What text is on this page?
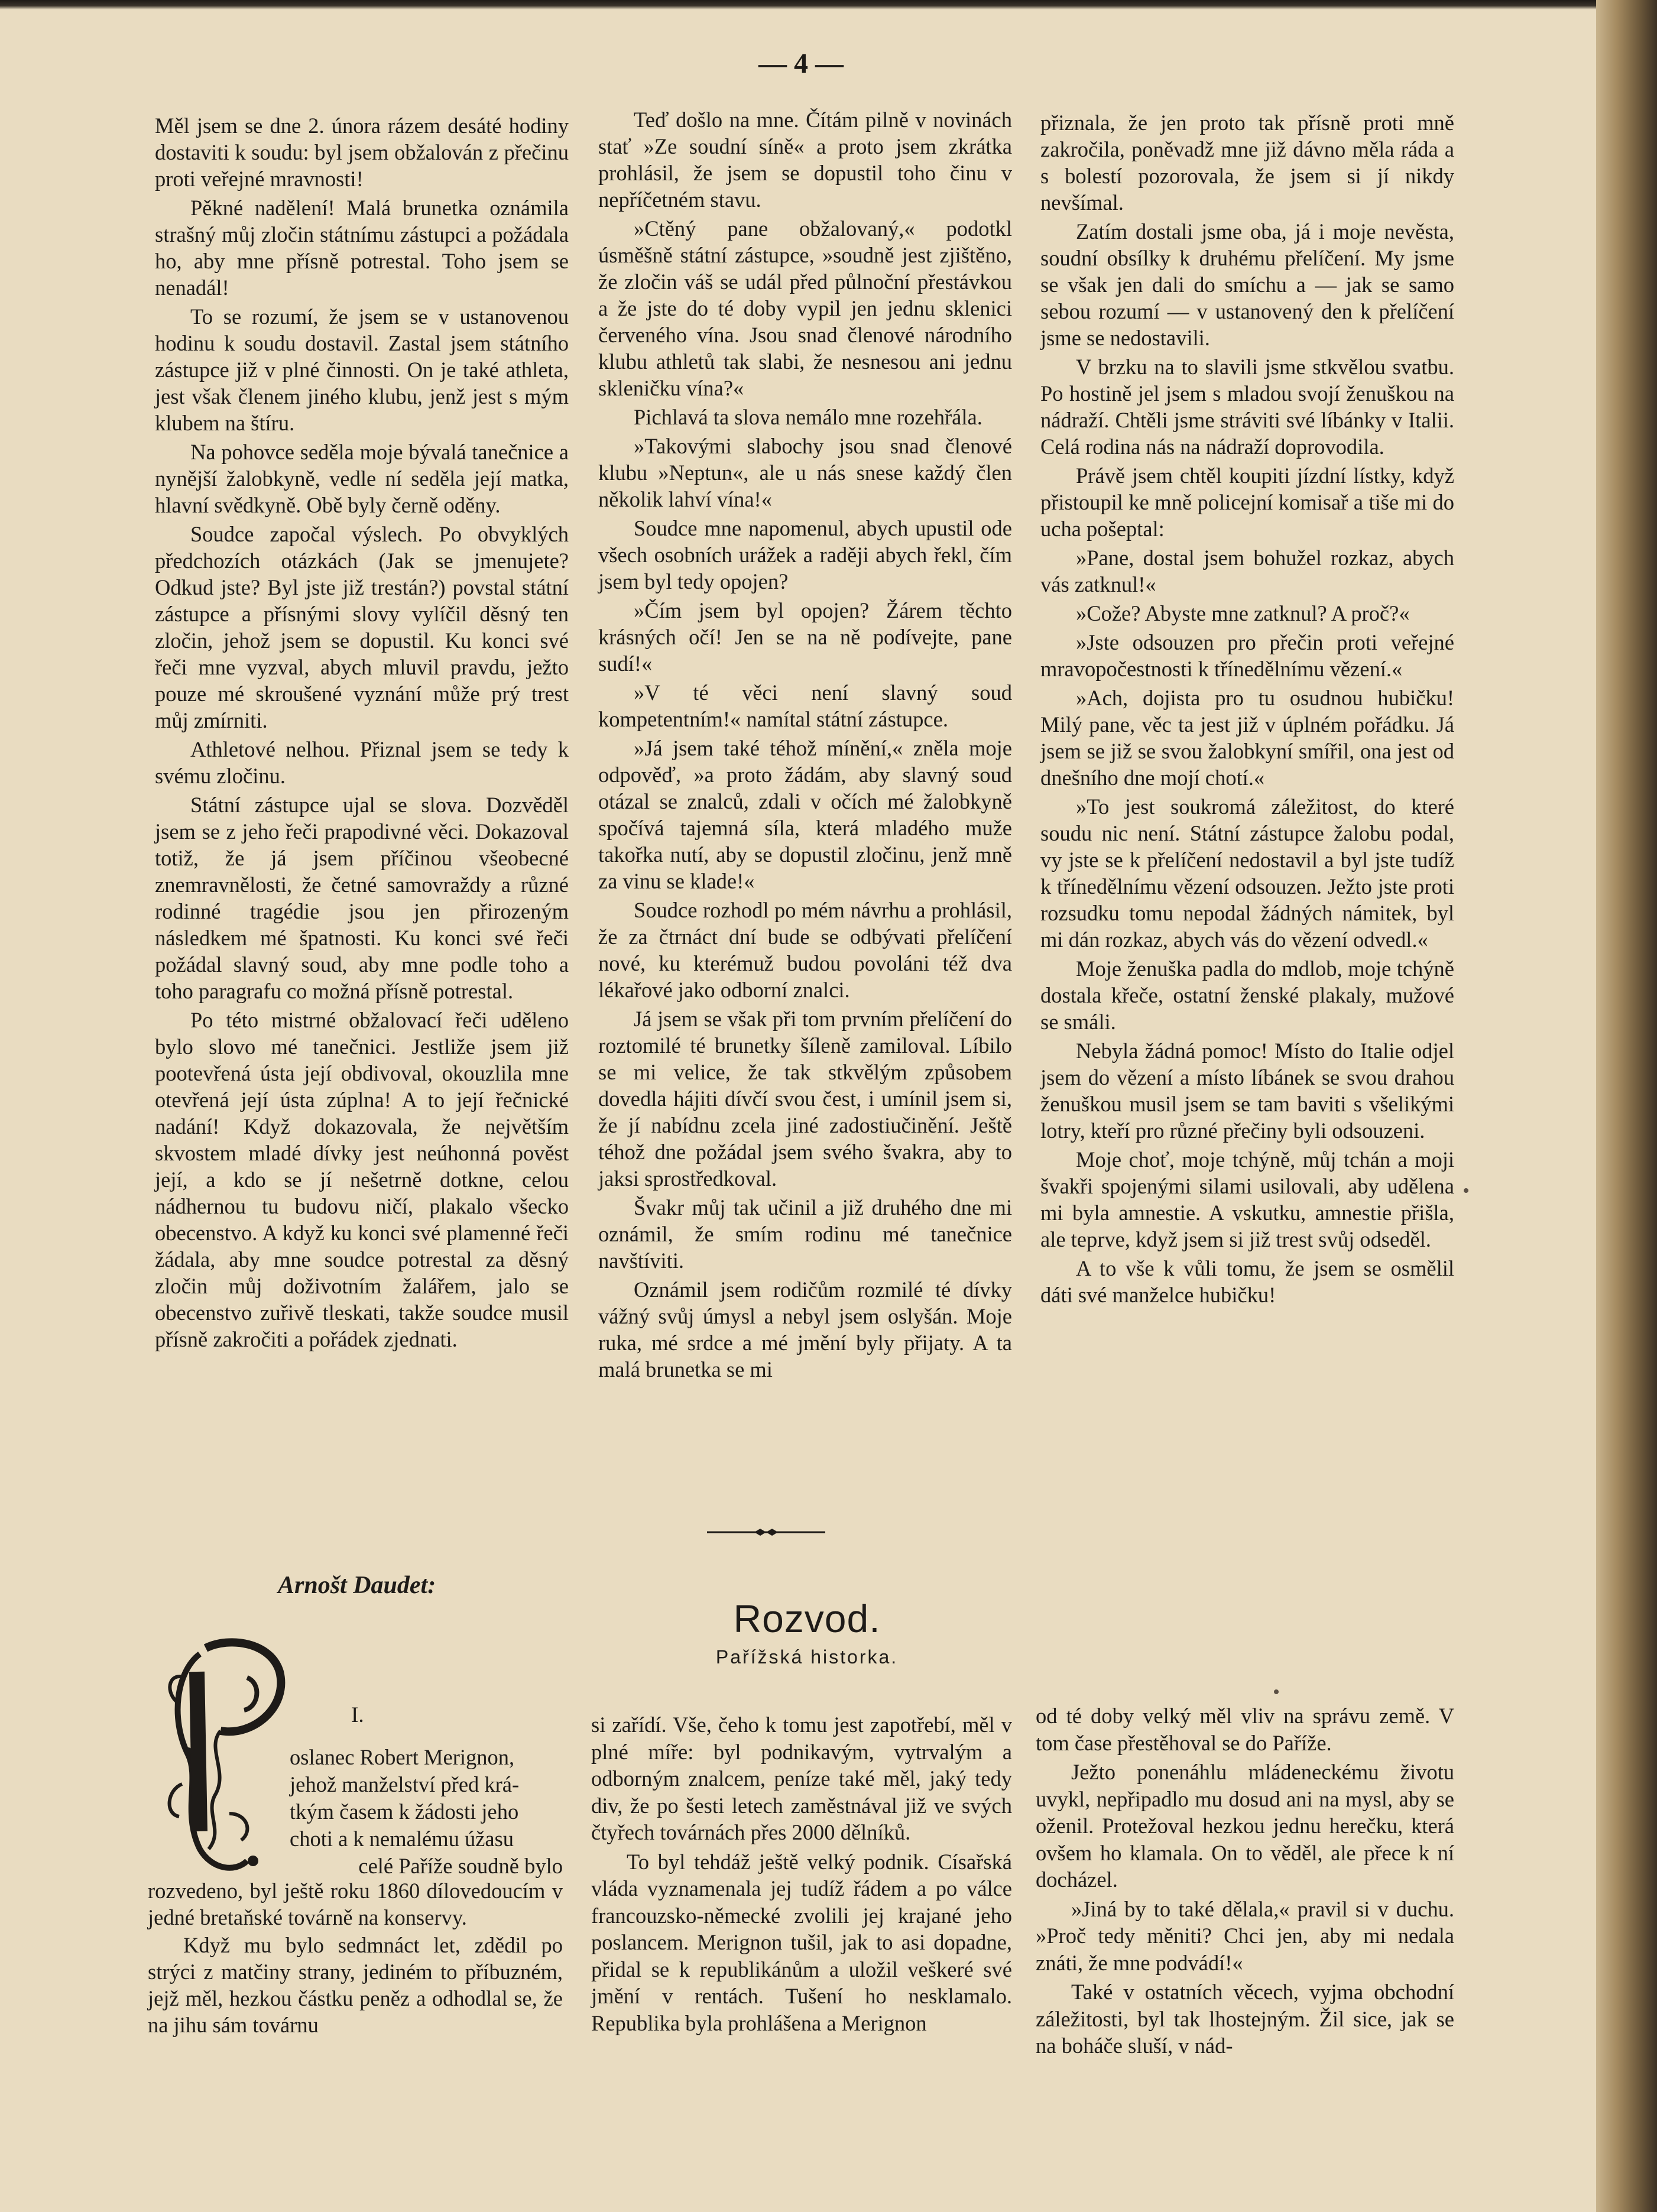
— 4 —

Měl jsem se dne 2. února rázem desáté hodiny dostaviti k soudu: byl jsem obžalován z přečinu proti veřejné mravnosti!

Pěkné nadělení! Malá brunetka oznámila strašný můj zločin státnímu zástupci a požádala ho, aby mne přísně potrestal. Toho jsem se nenadál!

To se rozumí, že jsem se v ustanovenou hodinu k soudu dostavil. Zastal jsem státního zástupce již v plné činnosti. On je také athleta, jest však členem jiného klubu, jenž jest s mým klubem na štíru.

Na pohovce seděla moje bývalá tanečnice a nynější žalobkyně, vedle ní seděla její matka, hlavní svědkyně. Obě byly černě oděny.

Soudce započal výslech. Po obvyklých předchozích otázkách (Jak se jmenujete? Odkud jste? Byl jste již trestán?) povstal státní zástupce a přísnými slovy vylíčil děsný ten zločin, jehož jsem se dopustil. Ku konci své řeči mne vyzval, abych mluvil pravdu, ježto pouze mé skroušené vyznání může prý trest můj zmírniti.

Athletové nelhou. Přiznal jsem se tedy k svému zločinu.

Státní zástupce ujal se slova. Dozvěděl jsem se z jeho řeči prapodivné věci. Dokazoval totiž, že já jsem příčinou všeobecné znemravnělosti, že četné samovraždy a různé rodinné tragédie jsou jen přirozeným následkem mé špatnosti. Ku konci své řeči požádal slavný soud, aby mne podle toho a toho paragrafu co možná přísně potrestal.

Po této mistrné obžalovací řeči uděleno bylo slovo mé tanečnici. Jestliže jsem již pootevřená ústa její obdivoval, okouzlila mne otevřená její ústa zúplna! A to její řečnické nadání! Když dokazovala, že největším skvostem mladé dívky jest neúhonná pověst její, a kdo se jí nešetrně dotkne, celou nádhernou tu budovu ničí, plakalo všecko obecenstvo. A když ku konci své plamenné řeči žádala, aby mne soudce potrestal za děsný zločin můj doživotním žalářem, jalo se obecenstvo zuřivě tleskati, takže soudce musil přísně zakročiti a pořádek zjednati.

Teď došlo na mne. Čítám pilně v novinách stať »Ze soudní síně« a proto jsem zkrátka prohlásil, že jsem se dopustil toho činu v nepříčetném stavu.

»Ctěný pane obžalovaný,« podotkl úsměšně státní zástupce, »soudně jest zjištěno, že zločin váš se udál před půlnoční přestávkou a že jste do té doby vypil jen jednu sklenici červeného vína. Jsou snad členové národního klubu athletů tak slabi, že nesnesou ani jednu skleničku vína?«

Pichlavá ta slova nemálo mne rozehřála.

»Takovými slabochy jsou snad členové klubu »Neptun«, ale u nás snese každý člen několik lahví vína!«

Soudce mne napomenul, abych upustil ode všech osobních urážek a raději abych řekl, čím jsem byl tedy opojen?

»Čím jsem byl opojen? Žárem těchto krásných očí! Jen se na ně podívejte, pane sudí!«

»V té věci není slavný soud kompetentním!« namítal státní zástupce.

»Já jsem také téhož mínění,« zněla moje odpověď, »a proto žádám, aby slavný soud otázal se znalců, zdali v očích mé žalobkyně spočívá tajemná síla, která mladého muže takořka nutí, aby se dopustil zločinu, jenž mně za vinu se klade!«

Soudce rozhodl po mém návrhu a prohlásil, že za čtrnáct dní bude se odbývati přelíčení nové, ku kterémuž budou povoláni též dva lékařové jako odborní znalci.

Já jsem se však při tom prvním přelíčení do roztomilé té brunetky šíleně zamiloval. Líbilo se mi velice, že tak stkvělým způsobem dovedla hájiti dívčí svou čest, i umínil jsem si, že jí nabídnu zcela jiné zadostiučinění. Ještě téhož dne požádal jsem svého švakra, aby to jaksi sprostředkoval.

Švakr můj tak učinil a již druhého dne mi oznámil, že smím rodinu mé tanečnice navštíviti.

Oznámil jsem rodičům rozmilé té dívky vážný svůj úmysl a nebyl jsem oslyšán. Moje ruka, mé srdce a mé jmění byly přijaty. A ta malá brunetka se mi

přiznala, že jen proto tak přísně proti mně zakročila, poněvadž mne již dávno měla ráda a s bolestí pozorovala, že jsem si jí nikdy nevšímal.

Zatím dostali jsme oba, já i moje nevěsta, soudní obsílky k druhému přelíčení. My jsme se však jen dali do smíchu a — jak se samo sebou rozumí — v ustanovený den k přelíčení jsme se nedostavili.

V brzku na to slavili jsme stkvělou svatbu. Po hostině jel jsem s mladou svojí ženuškou na nádraží. Chtěli jsme stráviti své líbánky v Italii. Celá rodina nás na nádraží doprovodila.

Právě jsem chtěl koupiti jízdní lístky, když přistoupil ke mně policejní komisař a tiše mi do ucha pošeptal:

»Pane, dostal jsem bohužel rozkaz, abych vás zatknul!«

»Cože? Abyste mne zatknul? A proč?«

»Jste odsouzen pro přečin proti veřejné mravopočestnosti k třínedělnímu vězení.«

»Ach, dojista pro tu osudnou hubičku! Milý pane, věc ta jest již v úplném pořádku. Já jsem se již se svou žalobkyní smířil, ona jest od dnešního dne mojí chotí.«

»To jest soukromá záležitost, do které soudu nic není. Státní zástupce žalobu podal, vy jste se k přelíčení nedostavil a byl jste tudíž k třínedělnímu vězení odsouzen. Ježto jste proti rozsudku tomu nepodal žádných námitek, byl mi dán rozkaz, abych vás do vězení odvedl.«

Moje ženuška padla do mdlob, moje tchýně dostala křeče, ostatní ženské plakaly, mužové se smáli.

Nebyla žádná pomoc! Místo do Italie odjel jsem do vězení a místo líbánek se svou drahou ženuškou musil jsem se tam baviti s všelikými lotry, kteří pro různé přečiny byli odsouzeni.

Moje choť, moje tchýně, můj tchán a moji švakři spojenými silami usilovali, aby udělena mi byla amnestie. A vskutku, amnestie přišla, ale teprve, když jsem si již trest svůj odseděl.

A to vše k vůli tomu, že jsem se osmělil dáti své manželce hubičku!

Arnošt Daudet:
Rozvod.
Pařížská historka.
I.

oslanec Robert Merignon,

jehož manželství před krá-

tkým časem k žádosti jeho

choti a k nemalému úžasu

celé Paříže soudně bylo

rozvedeno, byl ještě roku 1860 dílovedoucím v jedné bretaňské továrně na konservy.

Když mu bylo sedmnáct let, zdědil po strýci z matčiny strany, jediném to příbuzném, jejž měl, hezkou částku peněz a odhodlal se, že na jihu sám továrnu

si zařídí. Vše, čeho k tomu jest zapotřebí, měl v plné míře: byl podnikavým, vytrvalým a odborným znalcem, peníze také měl, jaký tedy div, že po šesti letech zaměstnával již ve svých čtyřech továrnách přes 2000 dělníků.

To byl tehdáž ještě velký podnik. Císařská vláda vyznamenala jej tudíž řádem a po válce francouzsko-německé zvolili jej krajané jeho poslancem. Merignon tušil, jak to asi dopadne, přidal se k republikánům a uložil veškeré své jmění v rentách. Tušení ho nesklamalo. Republika byla prohlášena a Merignon

od té doby velký měl vliv na správu země. V tom čase přestěhoval se do Paříže.

Ježto ponenáhlu mládeneckému životu uvykl, nepřipadlo mu dosud ani na mysl, aby se oženil. Protežoval hezkou jednu herečku, která ovšem ho klamala. On to věděl, ale přece k ní docházel.

»Jiná by to také dělala,« pravil si v duchu. »Proč tedy měniti? Chci jen, aby mi nedala znáti, že mne podvádí!«

Také v ostatních věcech, vyjma obchodní záležitosti, byl tak lhostejným. Žil sice, jak se na boháče sluší, v nád-
